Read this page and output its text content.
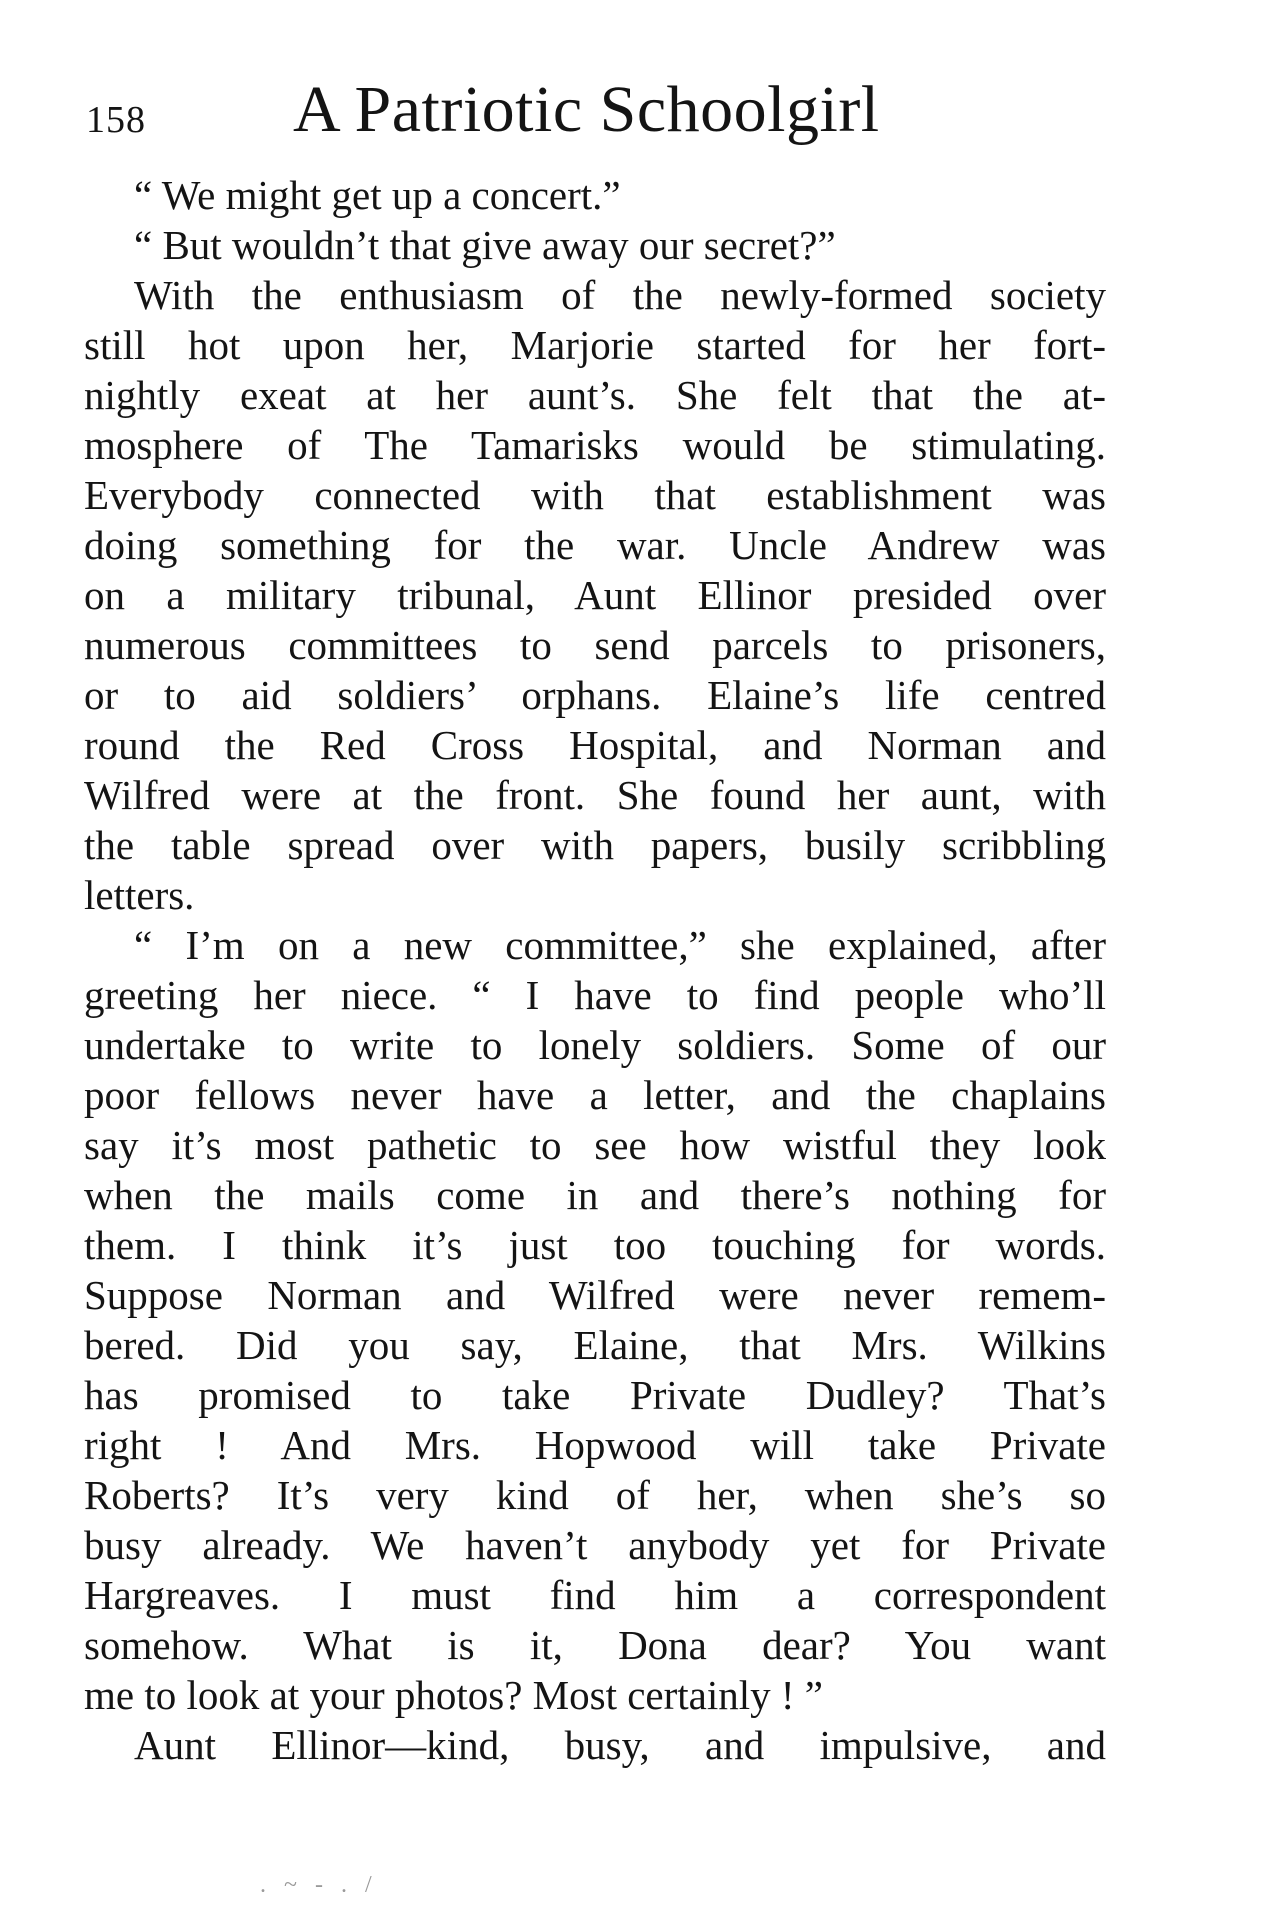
158 A Patriotic Schoolgirl
“ We might get up a concert.”
“ But wouldn’t that give away our secret?”
With the enthusiasm of the newly-formed society
still hot upon her, Marjorie started for her fort-
nightly exeat at her aunt’s. She felt that the at-
mosphere of The Tamarisks would be stimulating.
Everybody connected with that establishment was
doing something for the war. Uncle Andrew was
on a military tribunal, Aunt Ellinor presided over
numerous committees to send parcels to prisoners,
or to aid soldiers’ orphans. Elaine’s life centred
round the Red Cross Hospital, and Norman and
Wilfred were at the front. She found her aunt, with
the table spread over with papers, busily scribbling
letters.
“ I’m on a new committee,” she explained, after
greeting her niece. “ I have to find people who’ll
undertake to write to lonely soldiers. Some of our
poor fellows never have a letter, and the chaplains
say it’s most pathetic to see how wistful they look
when the mails come in and there’s nothing for
them. I think it’s just too touching for words.
Suppose Norman and Wilfred were never remem-
bered. Did you say, Elaine, that Mrs. Wilkins
has promised to take Private Dudley? That’s
right ! And Mrs. Hopwood will take Private
Roberts? It’s very kind of her, when she’s so
busy already. We haven’t anybody yet for Private
Hargreaves. I must find him a correspondent
somehow. What is it, Dona dear? You want
me to look at your photos? Most certainly ! ”
Aunt Ellinor—kind, busy, and impulsive, and
. ~ - . /
